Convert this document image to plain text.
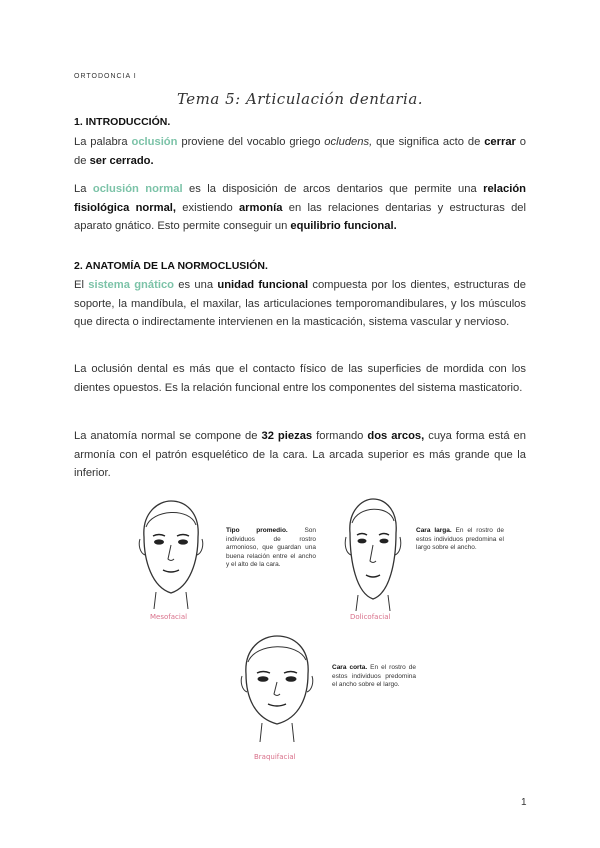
ORTODONCIA I
Tema 5: Articulación dentaria.
1. INTRODUCCIÓN.
La palabra oclusión proviene del vocablo griego ocludens, que significa acto de cerrar o de ser cerrado.
La oclusión normal es la disposición de arcos dentarios que permite una relación fisiológica normal, existiendo armonía en las relaciones dentarias y estructuras del aparato gnático. Esto permite conseguir un equilibrio funcional.
2. ANATOMÍA DE LA NORMOCLUSIÓN.
El sistema gnático es una unidad funcional compuesta por los dientes, estructuras de soporte, la mandíbula, el maxilar, las articulaciones temporomandibulares, y los músculos que directa o indirectamente intervienen en la masticación, sistema vascular y nervioso.
La oclusión dental es más que el contacto físico de las superficies de mordida con los dientes opuestos. Es la relación funcional entre los componentes del sistema masticatorio.
La anatomía normal se compone de 32 piezas formando dos arcos, cuya forma está en armonía con el patrón esquelético de la cara. La arcada superior es más grande que la inferior.
Tipo promedio. Son individuos de rostro armonioso, que guardan una buena relación entre el ancho y el alto de la cara.
Mesofacial
Cara larga. En el rostro de estos individuos predomina el largo sobre el ancho.
Dolicofacial
Cara corta. En el rostro de estos individuos predomina el ancho sobre el largo.
Braquifacial
1
